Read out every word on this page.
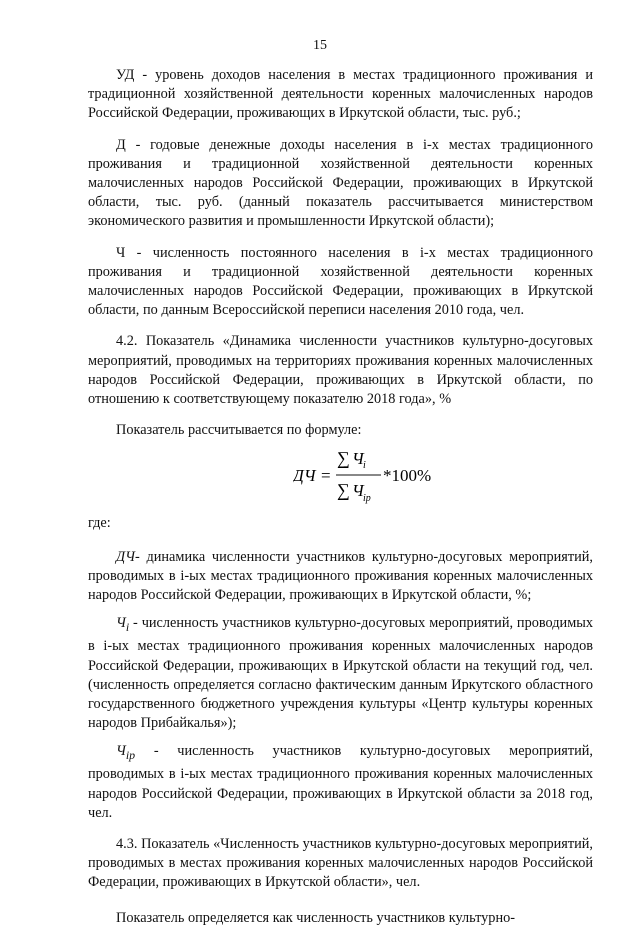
15

УД - уровень доходов населения в местах традиционного проживания и традиционной хозяйственной деятельности коренных малочисленных народов Российской Федерации, проживающих в Иркутской области, тыс. руб.;

Д - годовые денежные доходы населения в i-х местах традиционного проживания и традиционной хозяйственной деятельности коренных малочисленных народов Российской Федерации, проживающих в Иркутской области, тыс. руб. (данный показатель рассчитывается министерством экономического развития и промышленности Иркутской области);

Ч - численность постоянного населения в i-х местах традиционного проживания и традиционной хозяйственной деятельности коренных малочисленных народов Российской Федерации, проживающих в Иркутской области, по данным Всероссийской переписи населения 2010 года, чел.

4.2. Показатель «Динамика численности участников культурно-досуговых мероприятий, проводимых на территориях проживания коренных малочисленных народов Российской Федерации, проживающих в Иркутской области, по отношению к соответствующему показателю 2018 года», %

Показатель рассчитывается по формуле:

ДЧ =
∑ Ч i
∑ Ч ip
*100%

где:

ДЧ- динамика численности участников культурно-досуговых мероприятий, проводимых в i-ых местах традиционного проживания коренных малочисленных народов Российской Федерации, проживающих в Иркутской области, %;

$Ч_i$ - численность участников культурно-досуговых мероприятий, проводимых в i-ых местах традиционного проживания коренных малочисленных народов Российской Федерации, проживающих в Иркутской области на текущий год, чел. (численность определяется согласно фактическим данным Иркутского областного государственного бюджетного учреждения культуры «Центр культуры коренных народов Прибайкалья»);

$Ч_{ip}$ - численность участников культурно-досуговых мероприятий, проводимых в i-ых местах традиционного проживания коренных малочисленных народов Российской Федерации, проживающих в Иркутской области за 2018 год, чел.

4.3. Показатель «Численность участников культурно-досуговых мероприятий, проводимых в местах проживания коренных малочисленных народов Российской Федерации, проживающих в Иркутской области», чел.

Показатель определяется как численность участников культурно-
